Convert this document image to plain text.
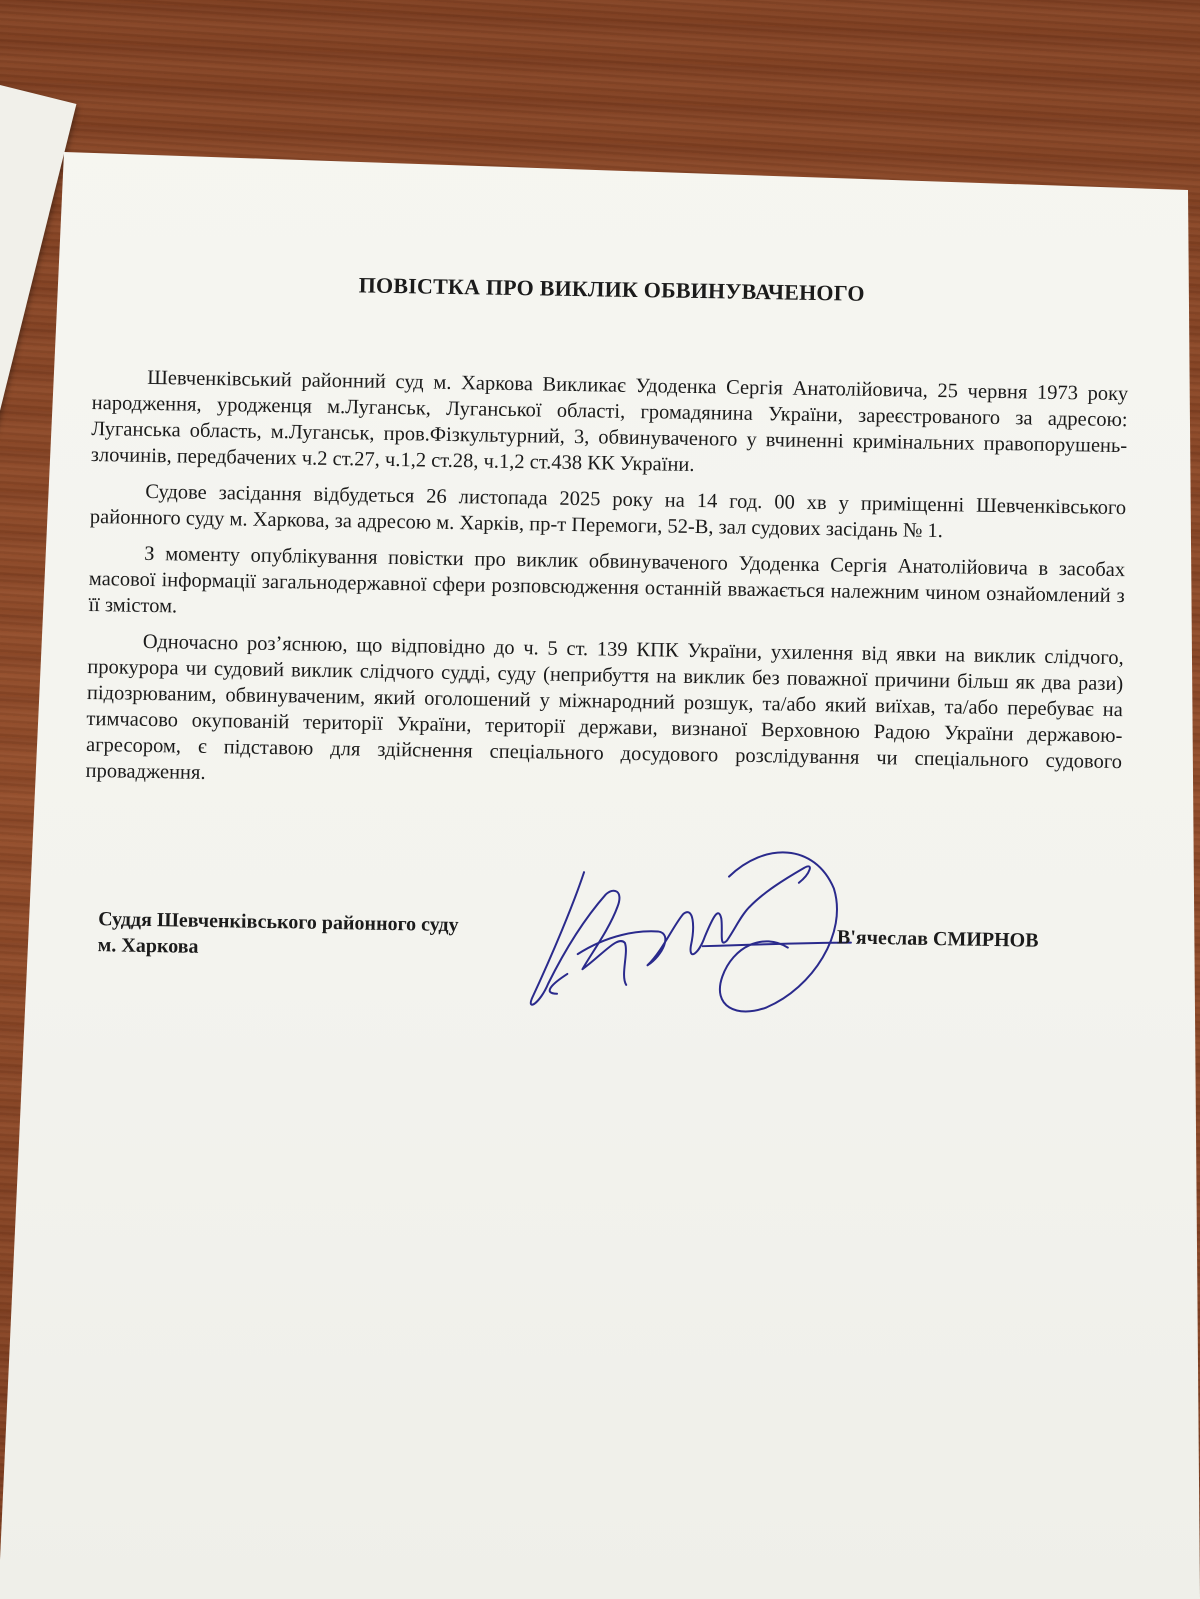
ПОВІСТКА ПРО ВИКЛИК ОБВИНУВАЧЕНОГО

Шевченківський районний суд м. Харкова Викликає Удоденка Сергія Анатолійовича, 25 червня 1973 року народження, уродженця м.Луганськ, Луганської області, громадянина України, зареєстрованого за адресою: Луганська область, м.Луганськ, пров.Фізкультурний, 3, обвинуваченого у вчиненні кримінальних правопорушень-злочинів, передбачених ч.2 ст.27, ч.1,2 ст.28, ч.1,2 ст.438 КК України.

Судове засідання відбудеться 26 листопада 2025 року на 14 год. 00 хв у приміщенні Шевченківського районного суду м. Харкова, за адресою м. Харків, пр-т Перемоги, 52-В, зал судових засідань № 1.

З моменту опублікування повістки про виклик обвинуваченого Удоденка Сергія Анатолійовича в засобах масової інформації загальнодержавної сфери розповсюдження останній вважається належним чином ознайомлений з її змістом.

Одночасно роз’яснюю, що відповідно до ч. 5 ст. 139 КПК України, ухилення від явки на виклик слідчого, прокурора чи судовий виклик слідчого судді, суду (неприбуття на виклик без поважної причини більш як два рази) підозрюваним, обвинуваченим, який оголошений у міжнародний розшук, та/або який виїхав, та/або перебуває на тимчасово окупованій території України, території держави, визнаної Верховною Радою України державою-агресором, є підставою для здійснення спеціального досудового розслідування чи спеціального судового провадження.

Суддя Шевченківського районного суду
м. Харкова	В'ячеслав СМИРНОВ
